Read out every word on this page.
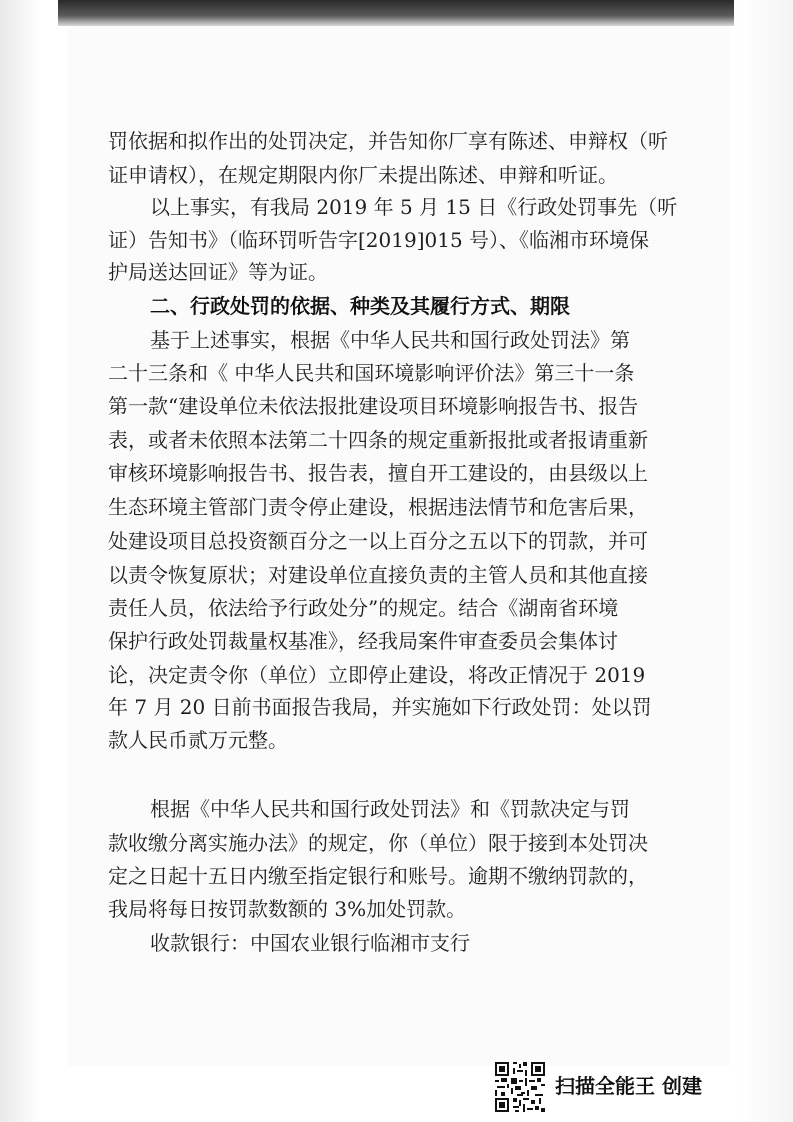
罚依据和拟作出的处罚决定，并告知你厂享有陈述、申辩权（听

证申请权），在规定期限内你厂未提出陈述、申辩和听证。

以上事实，有我局 2019 年 5 月 15 日《行政处罚事先（听

证）告知书》（临环罚听告字[2019]015 号）、《临湘市环境保

护局送达回证》等为证。

二、行政处罚的依据、种类及其履行方式、期限

基于上述事实，根据《中华人民共和国行政处罚法》第

二十三条和《 中华人民共和国环境影响评价法》第三十一条

第一款“建设单位未依法报批建设项目环境影响报告书、报告

表，或者未依照本法第二十四条的规定重新报批或者报请重新

审核环境影响报告书、报告表，擅自开工建设的，由县级以上

生态环境主管部门责令停止建设，根据违法情节和危害后果，

处建设项目总投资额百分之一以上百分之五以下的罚款，并可

以责令恢复原状；对建设单位直接负责的主管人员和其他直接

责任人员，依法给予行政处分”的规定。结合《湖南省环境

保护行政处罚裁量权基准》，经我局案件审查委员会集体讨

论，决定责令你（单位）立即停止建设，将改正情况于 2019

年 7 月 20 日前书面报告我局，并实施如下行政处罚：处以罚

款人民币贰万元整。

根据《中华人民共和国行政处罚法》和《罚款决定与罚

款收缴分离实施办法》的规定，你（单位）限于接到本处罚决

定之日起十五日内缴至指定银行和账号。逾期不缴纳罚款的，

我局将每日按罚款数额的 3%加处罚款。

收款银行：中国农业银行临湘市支行

扫描全能王 创建
